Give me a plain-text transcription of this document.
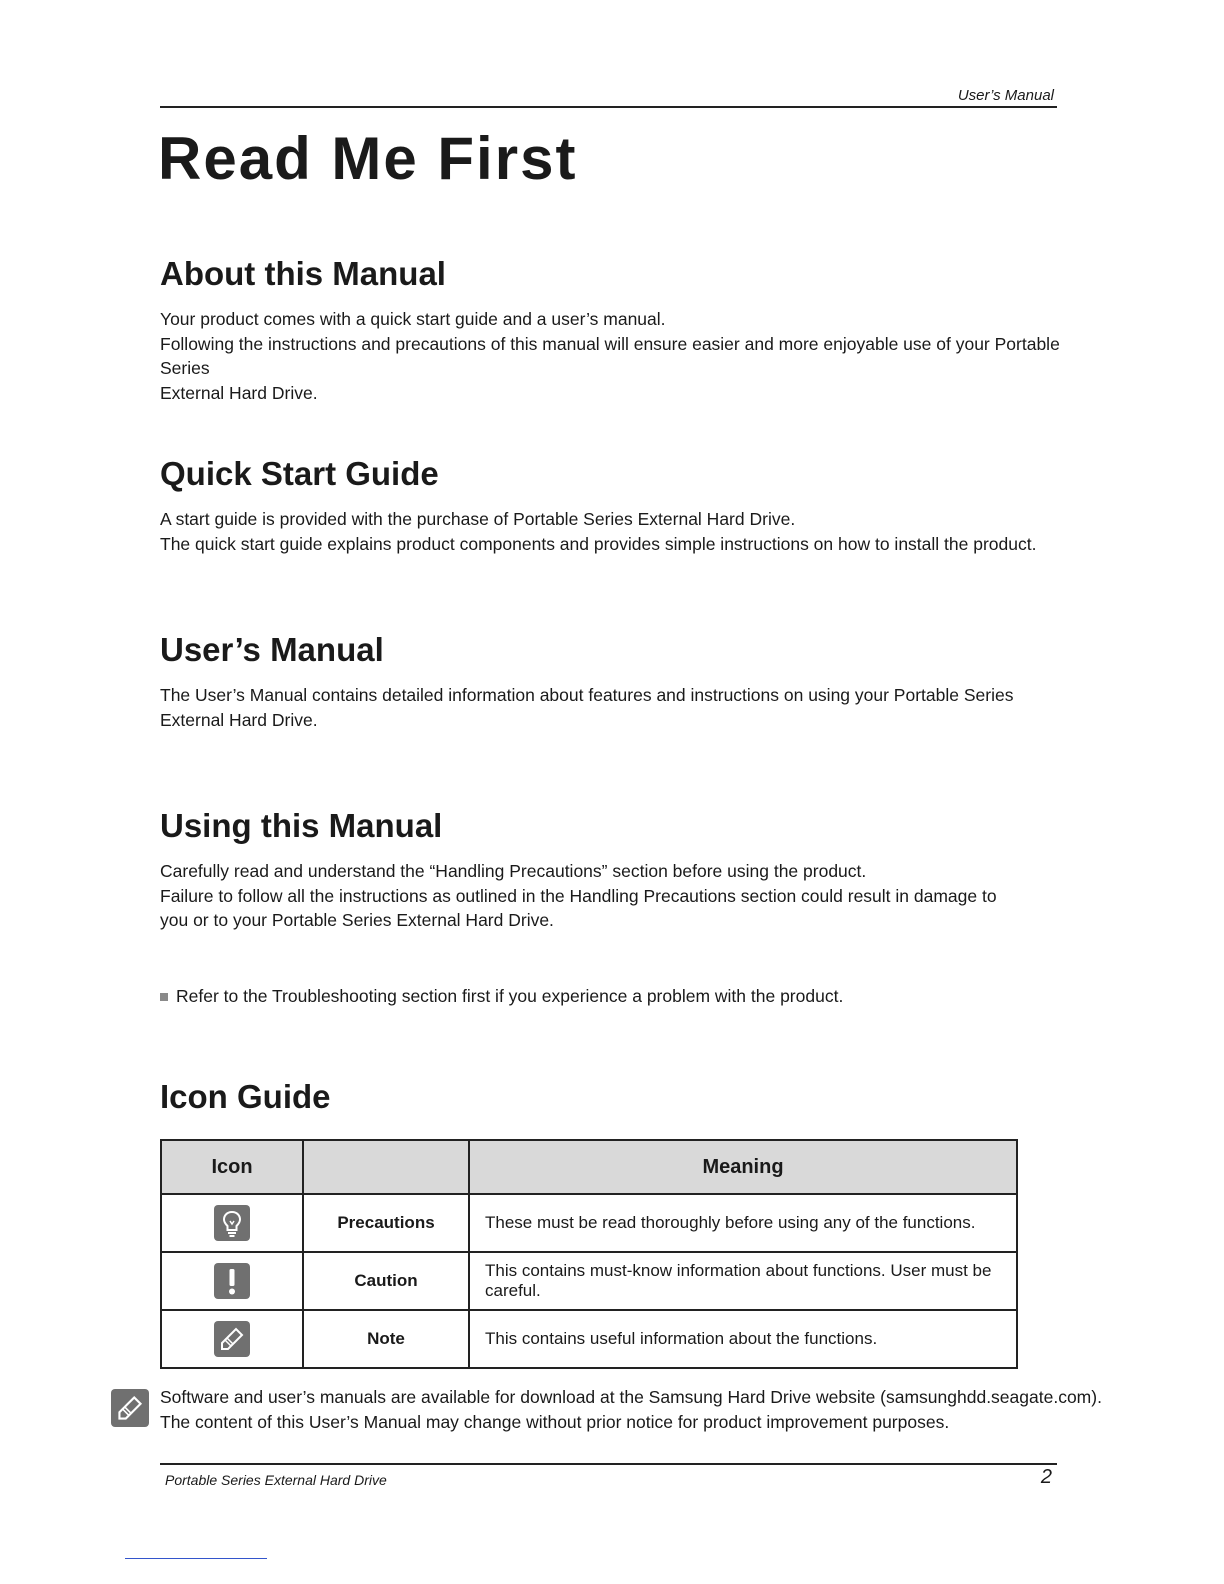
User’s Manual
Read Me First
About this Manual

Your product comes with a quick start guide and a user’s manual.

Following the instructions and precautions of this manual will ensure easier and more enjoyable use of your Portable Series

External Hard Drive.

Quick Start Guide

A start guide is provided with the purchase of Portable Series External Hard Drive.

The quick start guide explains product components and provides simple instructions on how to install the product.

User’s Manual

The User’s Manual contains detailed information about features and instructions on using your Portable Series

External Hard Drive.

Using this Manual

Carefully read and understand the “Handling Precautions” section before using the product.

Failure to follow all the instructions as outlined in the Handling Precautions section could result in damage to

you or to your Portable Series External Hard Drive.

Refer to the Troubleshooting section first if you experience a problem with the product.
Icon Guide
Icon		Meaning

	Precautions	These must be read thoroughly before using any of the functions.

	Caution	This contains must-know information about functions. User must be careful.

	Note	This contains useful information about the functions.
Software and user’s manuals are available for download at the Samsung Hard Drive website (samsunghdd.seagate.com).
The content of this User’s Manual may change without prior notice for product improvement purposes.
Portable Series External Hard Drive	2
